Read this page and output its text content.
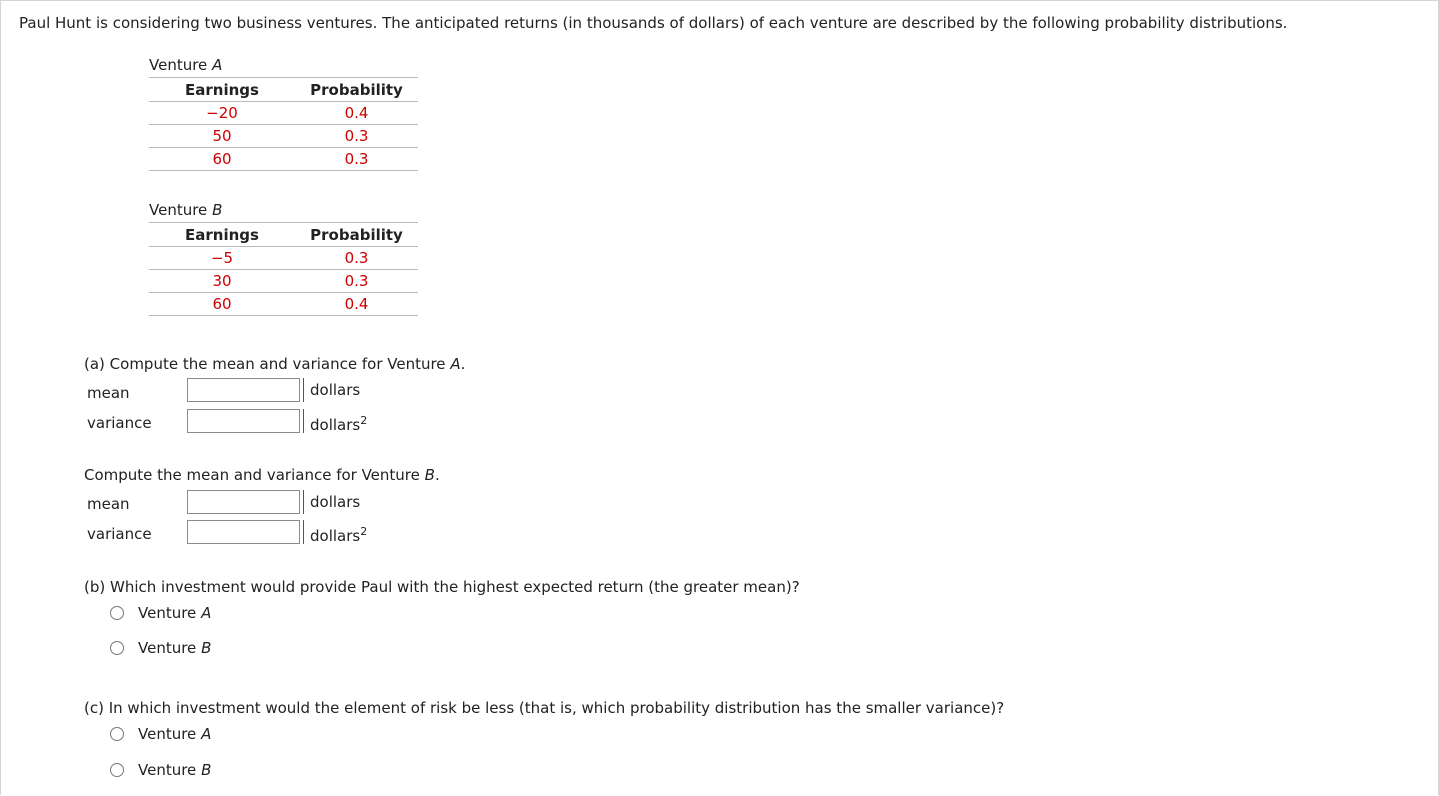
Paul Hunt is considering two business ventures. The anticipated returns (in thousands of dollars) of each venture are described by the following probability distributions.
Venture A
Earnings	Probability
−20	0.4
50	0.3
60	0.3
Venture B
Earnings	Probability
−5	0.3
30	0.3
60	0.4
(a) Compute the mean and variance for Venture A.
mean	dollars
variance	dollars$^2$
Compute the mean and variance for Venture B.
mean	dollars
variance	dollars$^2$
(b) Which investment would provide Paul with the highest expected return (the greater mean)?
Venture A
Venture B
(c) In which investment would the element of risk be less (that is, which probability distribution has the smaller variance)?
Venture A
Venture B
